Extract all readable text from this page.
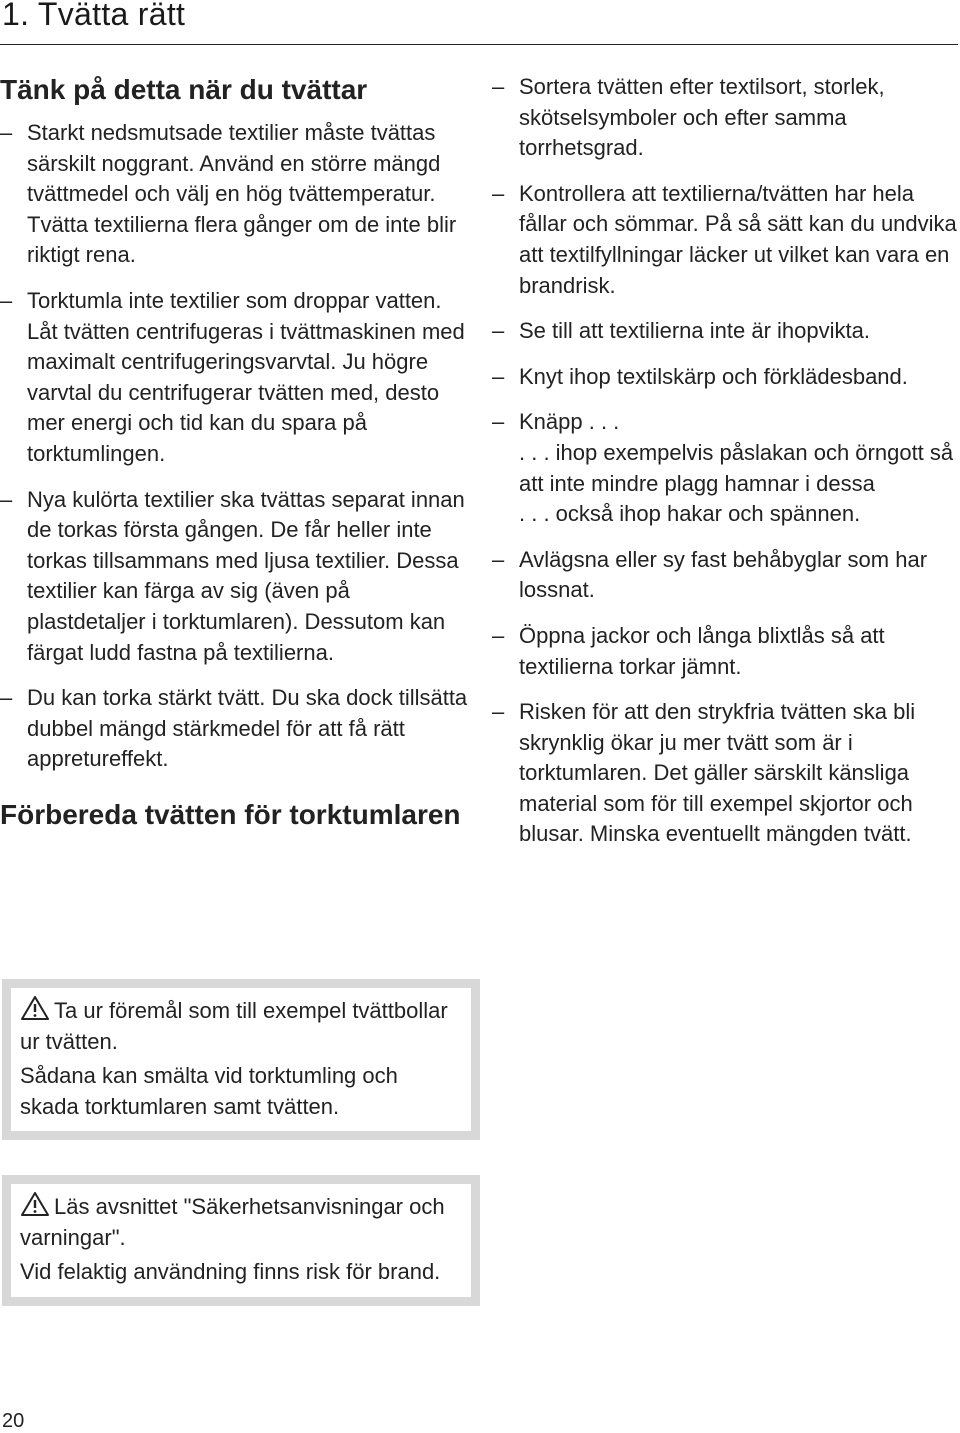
1. Tvätta rätt
Tänk på detta när du tvättar
– Starkt nedsmutsade textilier måste tvättas särskilt noggrant. Använd en större mängd tvättmedel och välj en hög tvättemperatur. Tvätta textilierna flera gånger om de inte blir riktigt rena.
– Torktumla inte textilier som droppar vatten. Låt tvätten centrifugeras i tvättmaskinen med maximalt centrifugeringsvarvtal. Ju högre varvtal du centrifugerar tvätten med, desto mer energi och tid kan du spara på torktumlingen.
– Nya kulörta textilier ska tvättas separat innan de torkas första gången. De får heller inte torkas tillsammans med ljusa textilier. Dessa textilier kan färga av sig (även på plastdetaljer i torktumlaren). Dessutom kan färgat ludd fastna på textilierna.
– Du kan torka stärkt tvätt. Du ska dock tillsätta dubbel mängd stärkmedel för att få rätt appretureffekt.
Förbereda tvätten för torktumlaren

Ta ur föremål som till exempel tvättbollar ur tvätten.

Sådana kan smälta vid torktumling och skada torktumlaren samt tvätten.

Läs avsnittet "Säkerhetsanvisningar och varningar".

Vid felaktig användning finns risk för brand.

– Sortera tvätten efter textilsort, storlek, skötselsymboler och efter samma torrhetsgrad.
– Kontrollera att textilierna/tvätten har hela fållar och sömmar. På så sätt kan du undvika att textilfyllningar läcker ut vilket kan vara en brandrisk.
– Se till att textilierna inte är ihopvikta.
– Knyt ihop textilskärp och förklädesband.
– Knäpp . . .
. . . ihop exempelvis påslakan och örngott så att inte mindre plagg hamnar i dessa
. . . också ihop hakar och spännen.
– Avlägsna eller sy fast behåbyglar som har lossnat.
– Öppna jackor och långa blixtlås så att textilierna torkar jämnt.
– Risken för att den strykfria tvätten ska bli skrynklig ökar ju mer tvätt som är i torktumlaren. Det gäller särskilt känsliga material som för till exempel skjortor och blusar. Minska eventuellt mängden tvätt.
20
